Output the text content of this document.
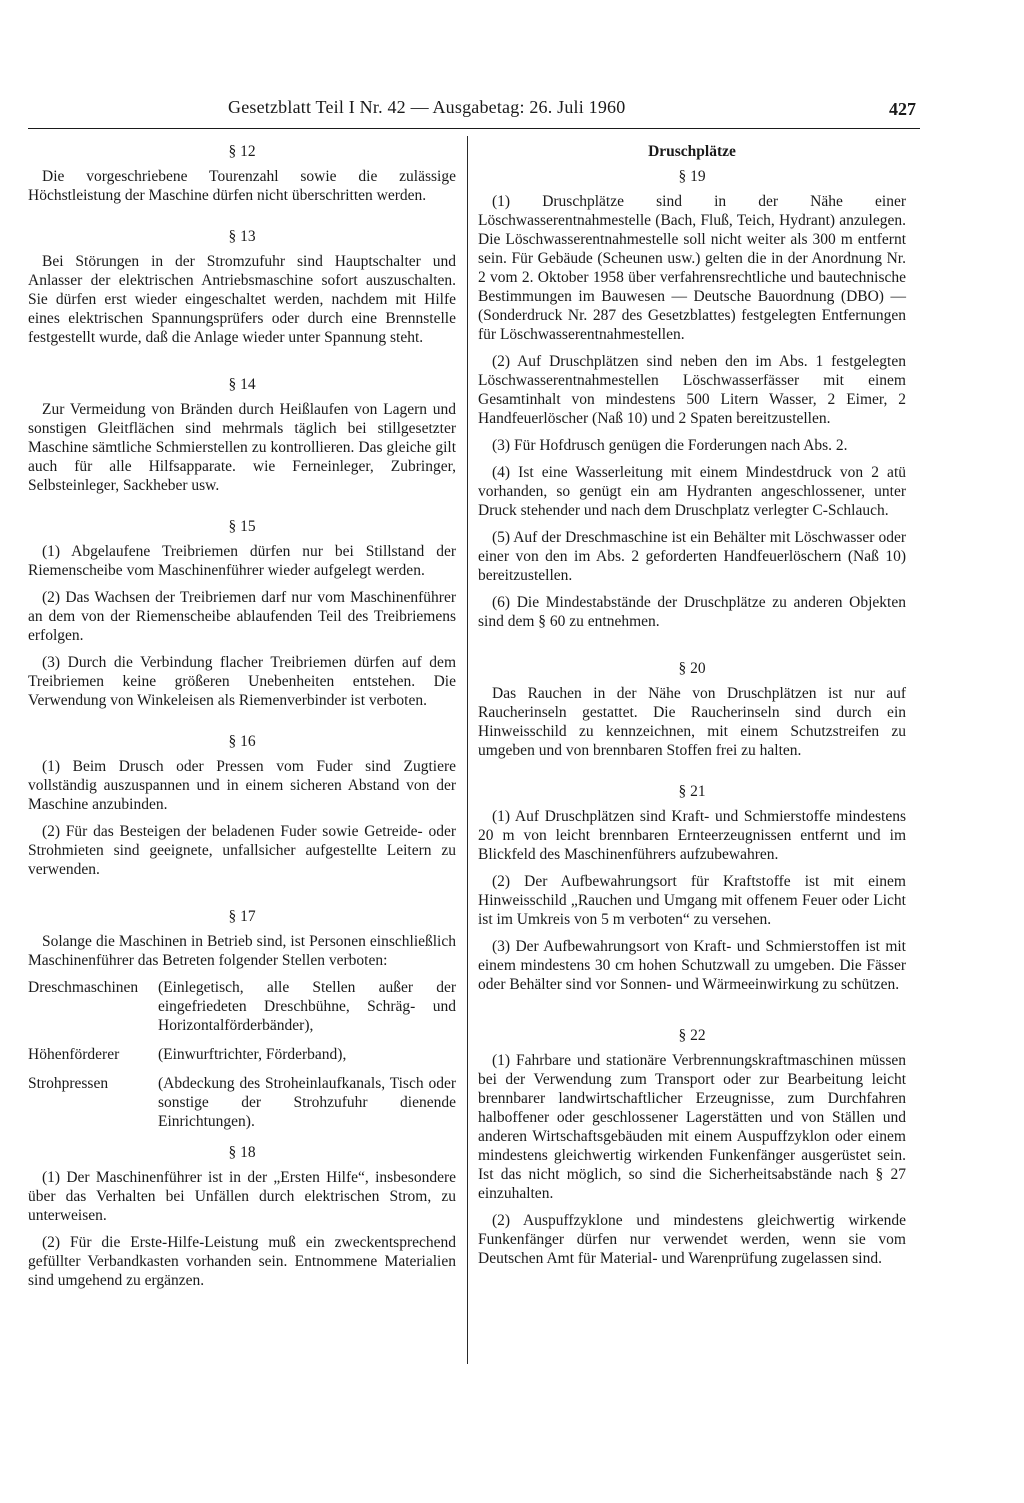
Gesetzblatt Teil I Nr. 42 — Ausgabetag: 26. Juli 1960	427
§ 12

Die vorgeschriebene Tourenzahl sowie die zulässige Höchstleistung der Maschine dürfen nicht überschritten werden.

§ 13

Bei Störungen in der Stromzufuhr sind Hauptschalter und Anlasser der elektrischen Antriebsmaschine sofort auszuschalten. Sie dürfen erst wieder eingeschaltet werden, nachdem mit Hilfe eines elektrischen Spannungsprüfers oder durch eine Brennstelle festgestellt wurde, daß die Anlage wieder unter Spannung steht.

§ 14

Zur Vermeidung von Bränden durch Heißlaufen von Lagern und sonstigen Gleitflächen sind mehrmals täglich bei stillgesetzter Maschine sämtliche Schmierstellen zu kontrollieren. Das gleiche gilt auch für alle Hilfsapparate. wie Ferneinleger, Zubringer, Selbsteinleger, Sackheber usw.

§ 15

(1) Abgelaufene Treibriemen dürfen nur bei Stillstand der Riemenscheibe vom Maschinenführer wieder aufgelegt werden.

(2) Das Wachsen der Treibriemen darf nur vom Maschinenführer an dem von der Riemenscheibe ablaufenden Teil des Treibriemens erfolgen.

(3) Durch die Verbindung flacher Treibriemen dürfen auf dem Treibriemen keine größeren Unebenheiten entstehen. Die Verwendung von Winkeleisen als Riemenverbinder ist verboten.

§ 16

(1) Beim Drusch oder Pressen vom Fuder sind Zugtiere vollständig auszuspannen und in einem sicheren Abstand von der Maschine anzubinden.

(2) Für das Besteigen der beladenen Fuder sowie Getreide- oder Strohmieten sind geeignete, unfallsicher aufgestellte Leitern zu verwenden.

§ 17

Solange die Maschinen in Betrieb sind, ist Personen einschließlich Maschinenführer das Betreten folgender Stellen verboten:

Dreschmaschinen	(Einlegetisch, alle Stellen außer der eingefriedeten Dreschbühne, Schräg- und Horizontalförderbänder),
Höhenförderer	(Einwurftrichter, Förderband),
Strohpressen	(Abdeckung des Stroheinlaufkanals, Tisch oder sonstige der Strohzufuhr dienende Einrichtungen).
§ 18

(1) Der Maschinenführer ist in der „Ersten Hilfe“, insbesondere über das Verhalten bei Unfällen durch elektrischen Strom, zu unterweisen.

(2) Für die Erste-Hilfe-Leistung muß ein zweckentsprechend gefüllter Verbandkasten vorhanden sein. Entnommene Materialien sind umgehend zu ergänzen.

Druschplätze
§ 19

(1) Druschplätze sind in der Nähe einer Löschwasserentnahmestelle (Bach, Fluß, Teich, Hydrant) anzulegen. Die Löschwasserentnahmestelle soll nicht weiter als 300 m entfernt sein. Für Gebäude (Scheunen usw.) gelten die in der Anordnung Nr. 2 vom 2. Oktober 1958 über verfahrensrechtliche und bautechnische Bestimmungen im Bauwesen — Deutsche Bauordnung (DBO) — (Sonderdruck Nr. 287 des Gesetzblattes) festgelegten Entfernungen für Löschwasserentnahmestellen.

(2) Auf Druschplätzen sind neben den im Abs. 1 festgelegten Löschwasserentnahmestellen Löschwasserfässer mit einem Gesamtinhalt von mindestens 500 Litern Wasser, 2 Eimer, 2 Handfeuerlöscher (Naß 10) und 2 Spaten bereitzustellen.

(3) Für Hofdrusch genügen die Forderungen nach Abs. 2.

(4) Ist eine Wasserleitung mit einem Mindestdruck von 2 atü vorhanden, so genügt ein am Hydranten angeschlossener, unter Druck stehender und nach dem Druschplatz verlegter C-Schlauch.

(5) Auf der Dreschmaschine ist ein Behälter mit Löschwasser oder einer von den im Abs. 2 geforderten Handfeuerlöschern (Naß 10) bereitzustellen.

(6) Die Mindestabstände der Druschplätze zu anderen Objekten sind dem § 60 zu entnehmen.

§ 20

Das Rauchen in der Nähe von Druschplätzen ist nur auf Raucherinseln gestattet. Die Raucherinseln sind durch ein Hinweisschild zu kennzeichnen, mit einem Schutzstreifen zu umgeben und von brennbaren Stoffen frei zu halten.

§ 21

(1) Auf Druschplätzen sind Kraft- und Schmierstoffe mindestens 20 m von leicht brennbaren Ernteerzeugnissen entfernt und im Blickfeld des Maschinenführers aufzubewahren.

(2) Der Aufbewahrungsort für Kraftstoffe ist mit einem Hinweisschild „Rauchen und Umgang mit offenem Feuer oder Licht ist im Umkreis von 5 m verboten“ zu versehen.

(3) Der Aufbewahrungsort von Kraft- und Schmierstoffen ist mit einem mindestens 30 cm hohen Schutzwall zu umgeben. Die Fässer oder Behälter sind vor Sonnen- und Wärmeeinwirkung zu schützen.

§ 22

(1) Fahrbare und stationäre Verbrennungskraftmaschinen müssen bei der Verwendung zum Transport oder zur Bearbeitung leicht brennbarer landwirtschaftlicher Erzeugnisse, zum Durchfahren halboffener oder geschlossener Lagerstätten und von Ställen und anderen Wirtschaftsgebäuden mit einem Auspuffzyklon oder einem mindestens gleichwertig wirkenden Funkenfänger ausgerüstet sein. Ist das nicht möglich, so sind die Sicherheitsabstände nach § 27 einzuhalten.

(2) Auspuffzyklone und mindestens gleichwertig wirkende Funkenfänger dürfen nur verwendet werden, wenn sie vom Deutschen Amt für Material- und Warenprüfung zugelassen sind.
